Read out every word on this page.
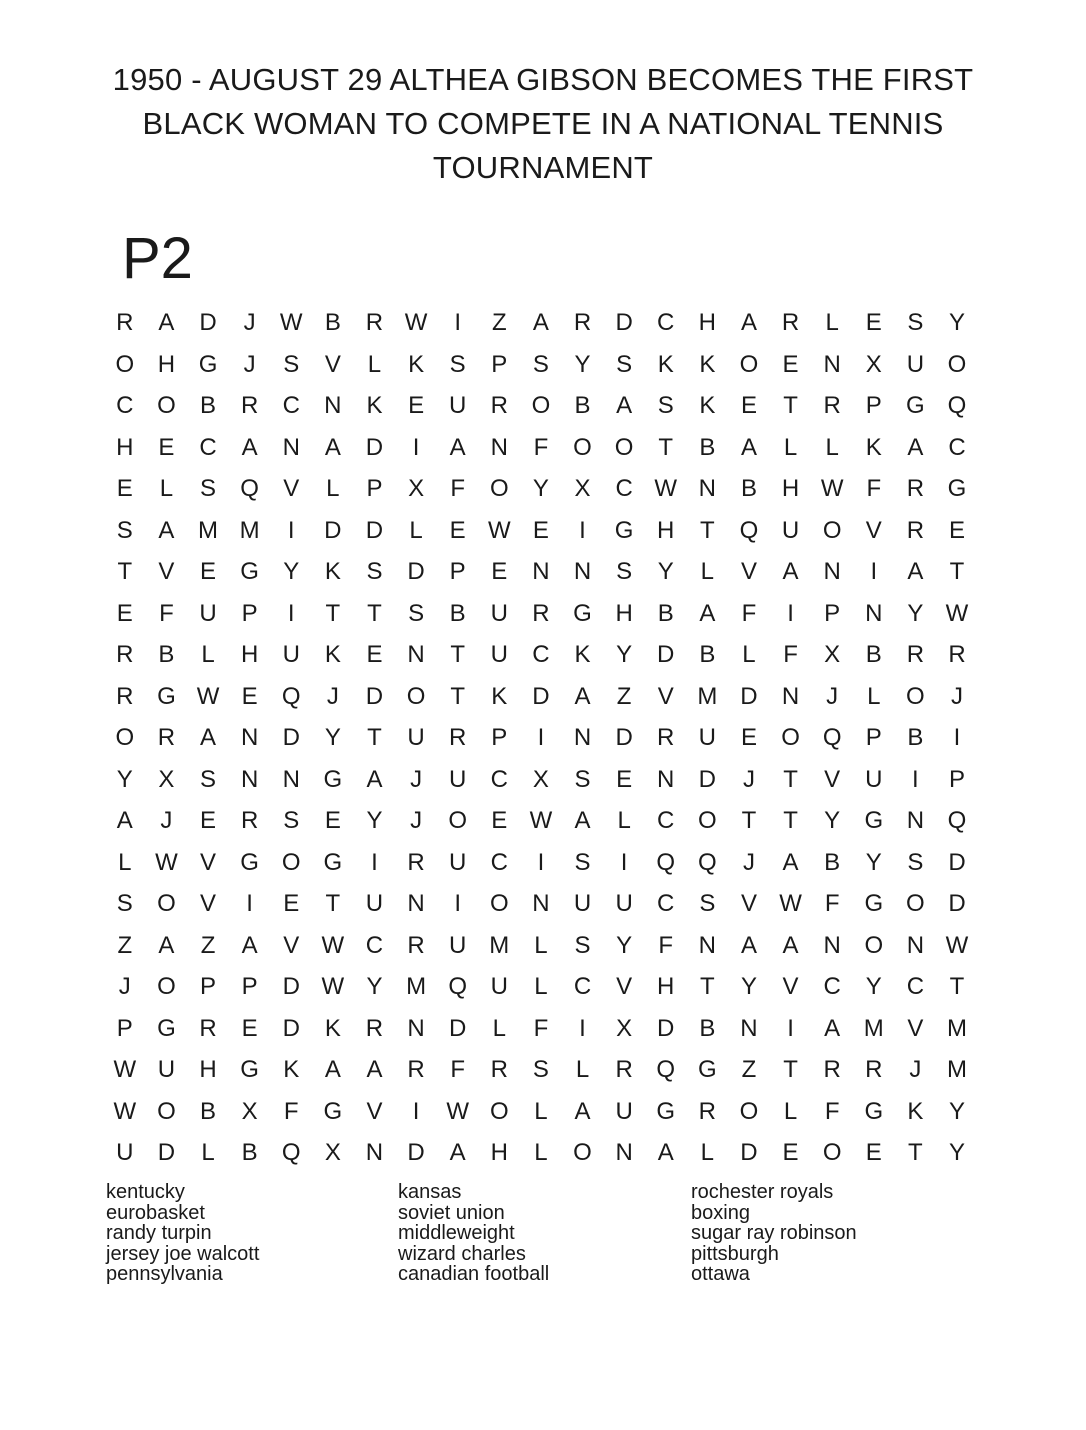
1950 - AUGUST 29 ALTHEA GIBSON BECOMES THE FIRST BLACK WOMAN TO COMPETE IN A NATIONAL TENNIS TOURNAMENT
P2
R	A	D	J	W B	R W	I	Z	A	R	D	C	H	A	R	L	E	S	Y
O H G	J	S	V	L	K	S	P	S	Y	S	K	K	O	E	N	X	U O
C O	B	R	C	N	K	E	U	R O	B	A	S	K	E	T	R	P	G Q
H	E	C	A	N	A	D	I	A	N	F	O O	T	B	A	L	L	K	A	C
E	L	S	Q	V	L	P	X	F	O	Y	X	C W N	B	H W F	R G
S	A M M	I	D	D	L	E W E	I	G H	T	Q U O	V	R	E
T	V	E	G	Y	K	S	D	P	E	N	N	S	Y	L	V	A	N	I	A	T
E	F	U	P	I	T	T	S	B	U	R G H	B	A	F	I	P	N	Y W
R	B	L	H	U	K	E	N	T	U	C	K	Y	D	B	L	F	X	B	R	R
R G W E	Q	J	D O	T	K	D	A	Z	V M D	N	J	L	O	J
O R	A	N	D	Y	T	U	R	P	I	N	D	R	U	E	O Q	P	B	I
Y	X	S	N	N G	A	J	U	C	X	S	E	N	D	J	T	V	U	I	P
A	J	E	R	S	E	Y	J	O	E W A	L	C O	T	T	Y	G N Q
L W V	G O G	I	R	U	C	I	S	I	Q Q	J	A	B	Y	S	D
S	O	V	I	E	T	U	N	I	O N	U	U	C	S	V W F	G O D
Z	A	Z	A	V W C	R	U M	L	S	Y	F	N	A	A	N O N W
J	O	P	P	D W Y M Q U	L	C	V	H	T	Y	V	C	Y	C	T
P	G R	E	D	K	R	N	D	L	F	I	X	D	B	N	I	A M V M
W U	H G	K	A	A	R	F	R	S	L	R Q G	Z	T	R	R	J	M
W O	B	X	F	G	V	I	W O	L	A	U G R O	L	F	G	K	Y
U	D	L	B	Q	X	N	D	A	H	L	O N	A	L	D	E	O	E	T	Y
kentucky
eurobasket
randy turpin
jersey joe walcott
pennsylvania
kansas
soviet union
middleweight
wizard charles
canadian football
rochester royals
boxing
sugar ray robinson
pittsburgh
ottawa
